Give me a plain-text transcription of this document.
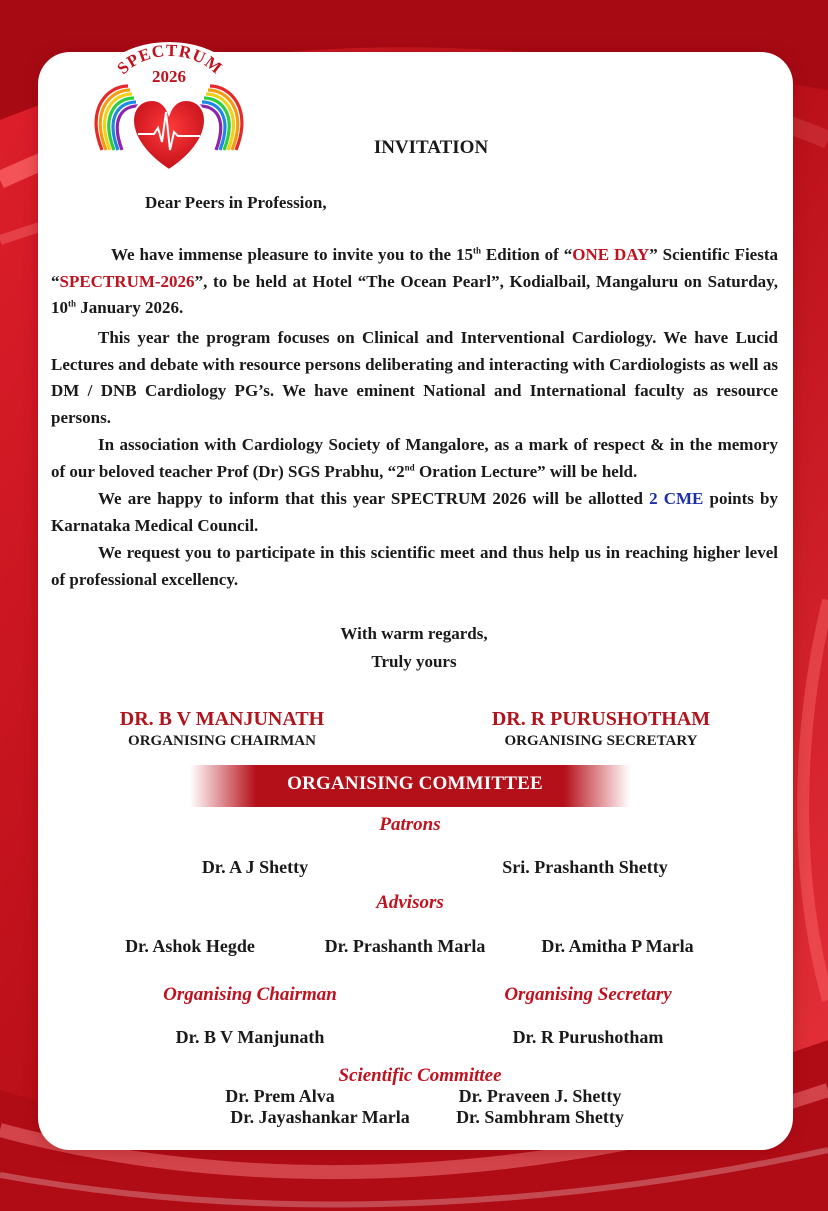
SPECTRUM
2026
INVITATION
Dear Peers in Profession,

We have immense pleasure to invite you to the 15th Edition of “ONE DAY” Scientific Fiesta “SPECTRUM-2026”, to be held at Hotel “The Ocean Pearl”, Kodialbail, Mangaluru on Saturday, 10th January 2026.

This year the program focuses on Clinical and Interventional Cardiology. We have Lucid Lectures and debate with resource persons deliberating and interacting with Cardiologists as well as DM / DNB Cardiology PG’s. We have eminent National and International faculty as resource persons.

In association with Cardiology Society of Mangalore, as a mark of respect & in the memory of our beloved teacher Prof (Dr) SGS Prabhu, “2nd Oration Lecture” will be held.

We are happy to inform that this year SPECTRUM 2026 will be allotted 2 CME points by Karnataka Medical Council.

We request you to participate in this scientific meet and thus help us in reaching higher level of professional excellency.

With warm regards,
Truly yours
DR. B V MANJUNATH
ORGANISING CHAIRMAN
DR. R PURUSHOTHAM
ORGANISING SECRETARY
ORGANISING COMMITTEE
Patrons
Dr. A J Shetty	Sri. Prashanth Shetty
Advisors
Dr. Ashok Hegde	Dr. Prashanth Marla	Dr. Amitha P Marla
Organising Chairman	Organising Secretary
Dr. B V Manjunath	Dr. R Purushotham
Scientific Committee
Dr. Prem Alva	Dr. Praveen J. Shetty
Dr. Jayashankar Marla	Dr. Sambhram Shetty
